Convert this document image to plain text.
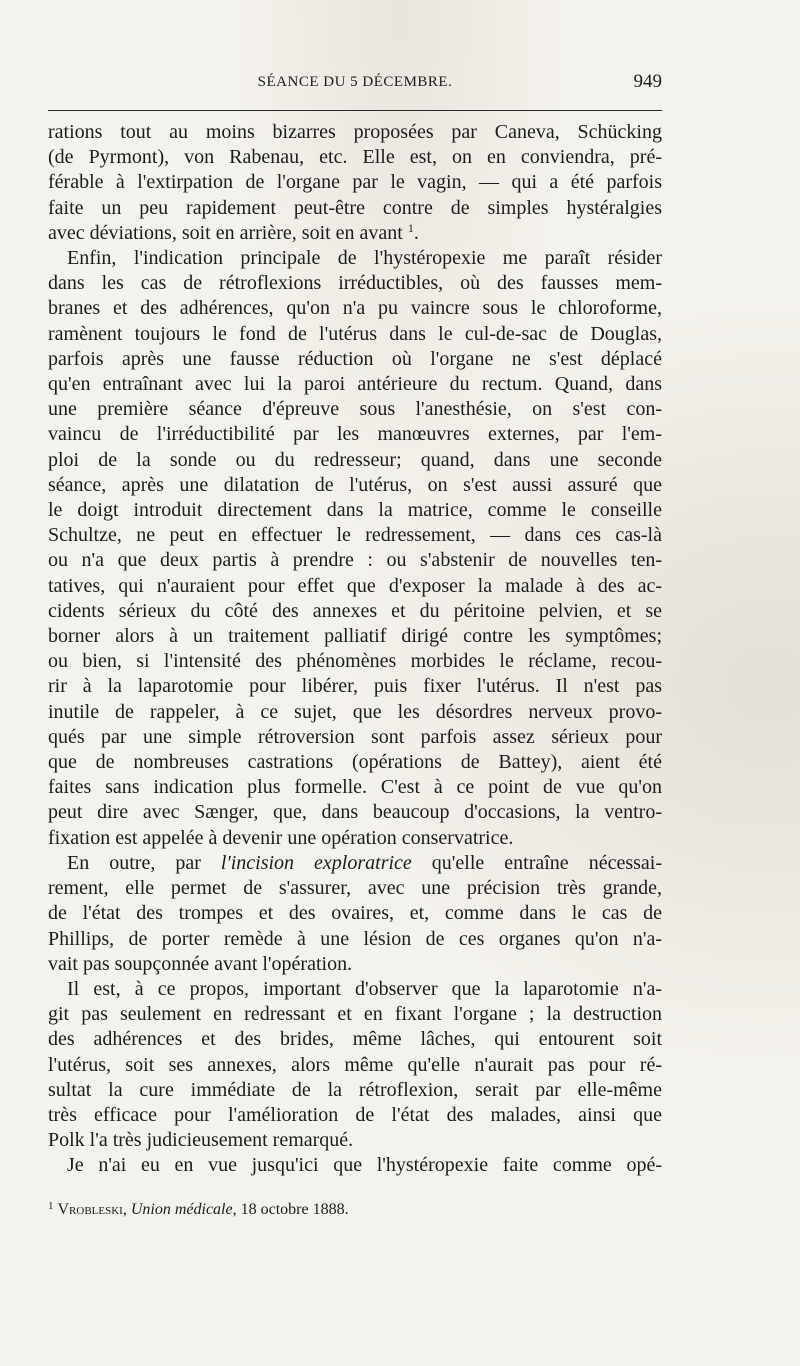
SÉANCE DU 5 DÉCEMBRE.	949
rations tout au moins bizarres proposées par Caneva, Schücking
(de Pyrmont), von Rabenau, etc. Elle est, on en conviendra, pré-
férable à l'extirpation de l'organe par le vagin, — qui a été parfois
faite un peu rapidement peut-être contre de simples hystéralgies
avec déviations, soit en arrière, soit en avant $^1$.
Enfin, l'indication principale de l'hystéropexie me paraît résider
dans les cas de rétroflexions irréductibles, où des fausses mem-
branes et des adhérences, qu'on n'a pu vaincre sous le chloroforme,
ramènent toujours le fond de l'utérus dans le cul-de-sac de Douglas,
parfois après une fausse réduction où l'organe ne s'est déplacé
qu'en entraînant avec lui la paroi antérieure du rectum. Quand, dans
une première séance d'épreuve sous l'anesthésie, on s'est con-
vaincu de l'irréductibilité par les manœuvres externes, par l'em-
ploi de la sonde ou du redresseur; quand, dans une seconde
séance, après une dilatation de l'utérus, on s'est aussi assuré que
le doigt introduit directement dans la matrice, comme le conseille
Schultze, ne peut en effectuer le redressement, — dans ces cas-là
ou n'a que deux partis à prendre : ou s'abstenir de nouvelles ten-
tatives, qui n'auraient pour effet que d'exposer la malade à des ac-
cidents sérieux du côté des annexes et du péritoine pelvien, et se
borner alors à un traitement palliatif dirigé contre les symptômes;
ou bien, si l'intensité des phénomènes morbides le réclame, recou-
rir à la laparotomie pour libérer, puis fixer l'utérus. Il n'est pas
inutile de rappeler, à ce sujet, que les désordres nerveux provo-
qués par une simple rétroversion sont parfois assez sérieux pour
que de nombreuses castrations (opérations de Battey), aient été
faites sans indication plus formelle. C'est à ce point de vue qu'on
peut dire avec Sænger, que, dans beaucoup d'occasions, la ventro-
fixation est appelée à devenir une opération conservatrice.
En outre, par l'incision exploratrice qu'elle entraîne nécessai-
rement, elle permet de s'assurer, avec une précision très grande,
de l'état des trompes et des ovaires, et, comme dans le cas de
Phillips, de porter remède à une lésion de ces organes qu'on n'a-
vait pas soupçonnée avant l'opération.
Il est, à ce propos, important d'observer que la laparotomie n'a-
git pas seulement en redressant et en fixant l'organe ; la destruction
des adhérences et des brides, même lâches, qui entourent soit
l'utérus, soit ses annexes, alors même qu'elle n'aurait pas pour ré-
sultat la cure immédiate de la rétroflexion, serait par elle-même
très efficace pour l'amélioration de l'état des malades, ainsi que
Polk l'a très judicieusement remarqué.
Je n'ai eu en vue jusqu'ici que l'hystéropexie faite comme opé-
$^1$ Vrobleski, Union médicale, 18 octobre 1888.
